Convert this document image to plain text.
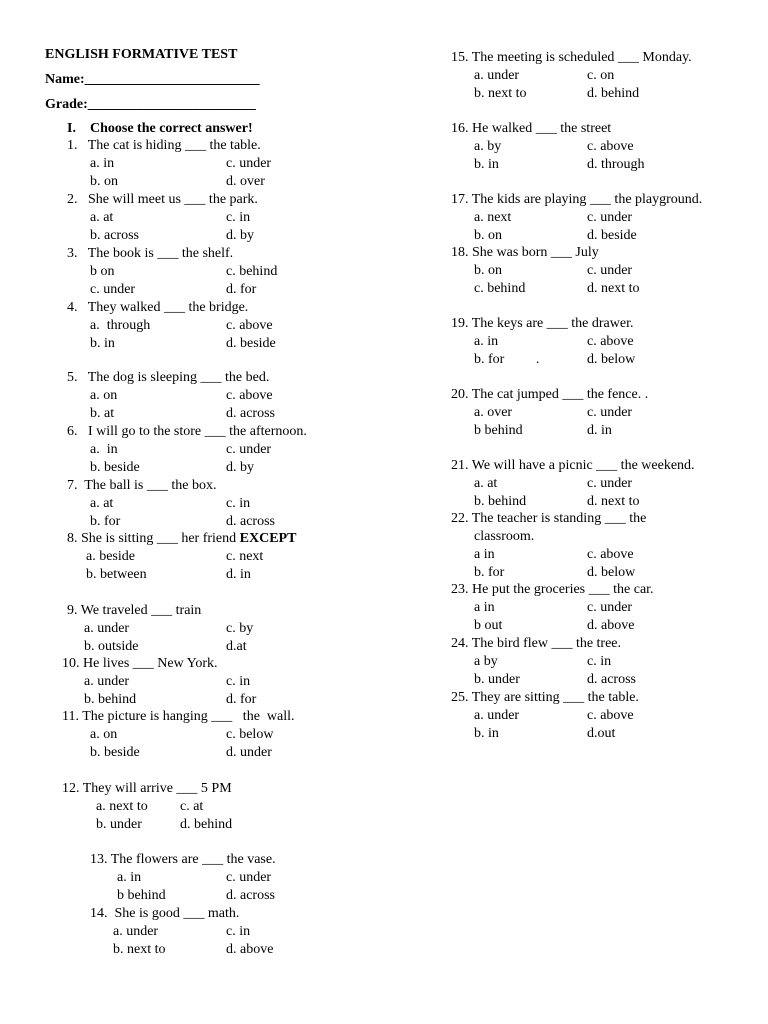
ENGLISH FORMATIVE TEST
Name:_________________________
Grade:________________________
I. Choose the correct answer!
1.   The cat is hiding ___ the table.
a. in
b. on
c. under
d. over
2.   She will meet us ___ the park.
a. at
b. across
c. in
d. by
3.   The book is ___ the shelf.
b on
c. under
c. behind
d. for
4.   They walked ___ the bridge.
a.  through
b. in
c. above
d. beside
5.   The dog is sleeping ___ the bed.
a. on
b. at
c. above
d. across
6.   I will go to the store ___ the afternoon.
a.  in
b. beside
c. under
d. by
7.  The ball is ___ the box.
a. at
b. for
c. in
d. across
8. She is sitting ___ her friend EXCEPT
a. beside
b. between
c. next
d. in
9. We traveled ___ train
a. under
b. outside
c. by
d.at
10. He lives ___ New York.
a. under
b. behind
c. in
d. for
11. The picture is hanging ___   the  wall.
a. on
b. beside
c. below
d. under
12. They will arrive ___ 5 PM
a. next to
b. under
c. at
d. behind
13. The flowers are ___ the vase.
a. in
b behind
c. under
d. across
14.  She is good ___ math.
a. under
b. next to
c. in
d. above
15. The meeting is scheduled ___ Monday.
a. under
b. next to
c. on
d. behind
16. He walked ___ the street
a. by
b. in
c. above
d. through
17. The kids are playing ___ the playground.
a. next
b. on
c. under
d. beside
18. She was born ___ July
b. on
c. behind
c. under
d. next to
19. The keys are ___ the drawer.
a. in
b. for         .
c. above
d. below
20. The cat jumped ___ the fence. .
a. over
b behind
c. under
d. in
21. We will have a picnic ___ the weekend.
a. at
b. behind
c. under
d. next to
22. The teacher is standing ___ the
classroom.
a in
b. for
c. above
d. below
23. He put the groceries ___ the car.
a in
b out
c. under
d. above
24. The bird flew ___ the tree.
a by
b. under
c. in
d. across
25. They are sitting ___ the table.
a. under
b. in
c. above
d.out
